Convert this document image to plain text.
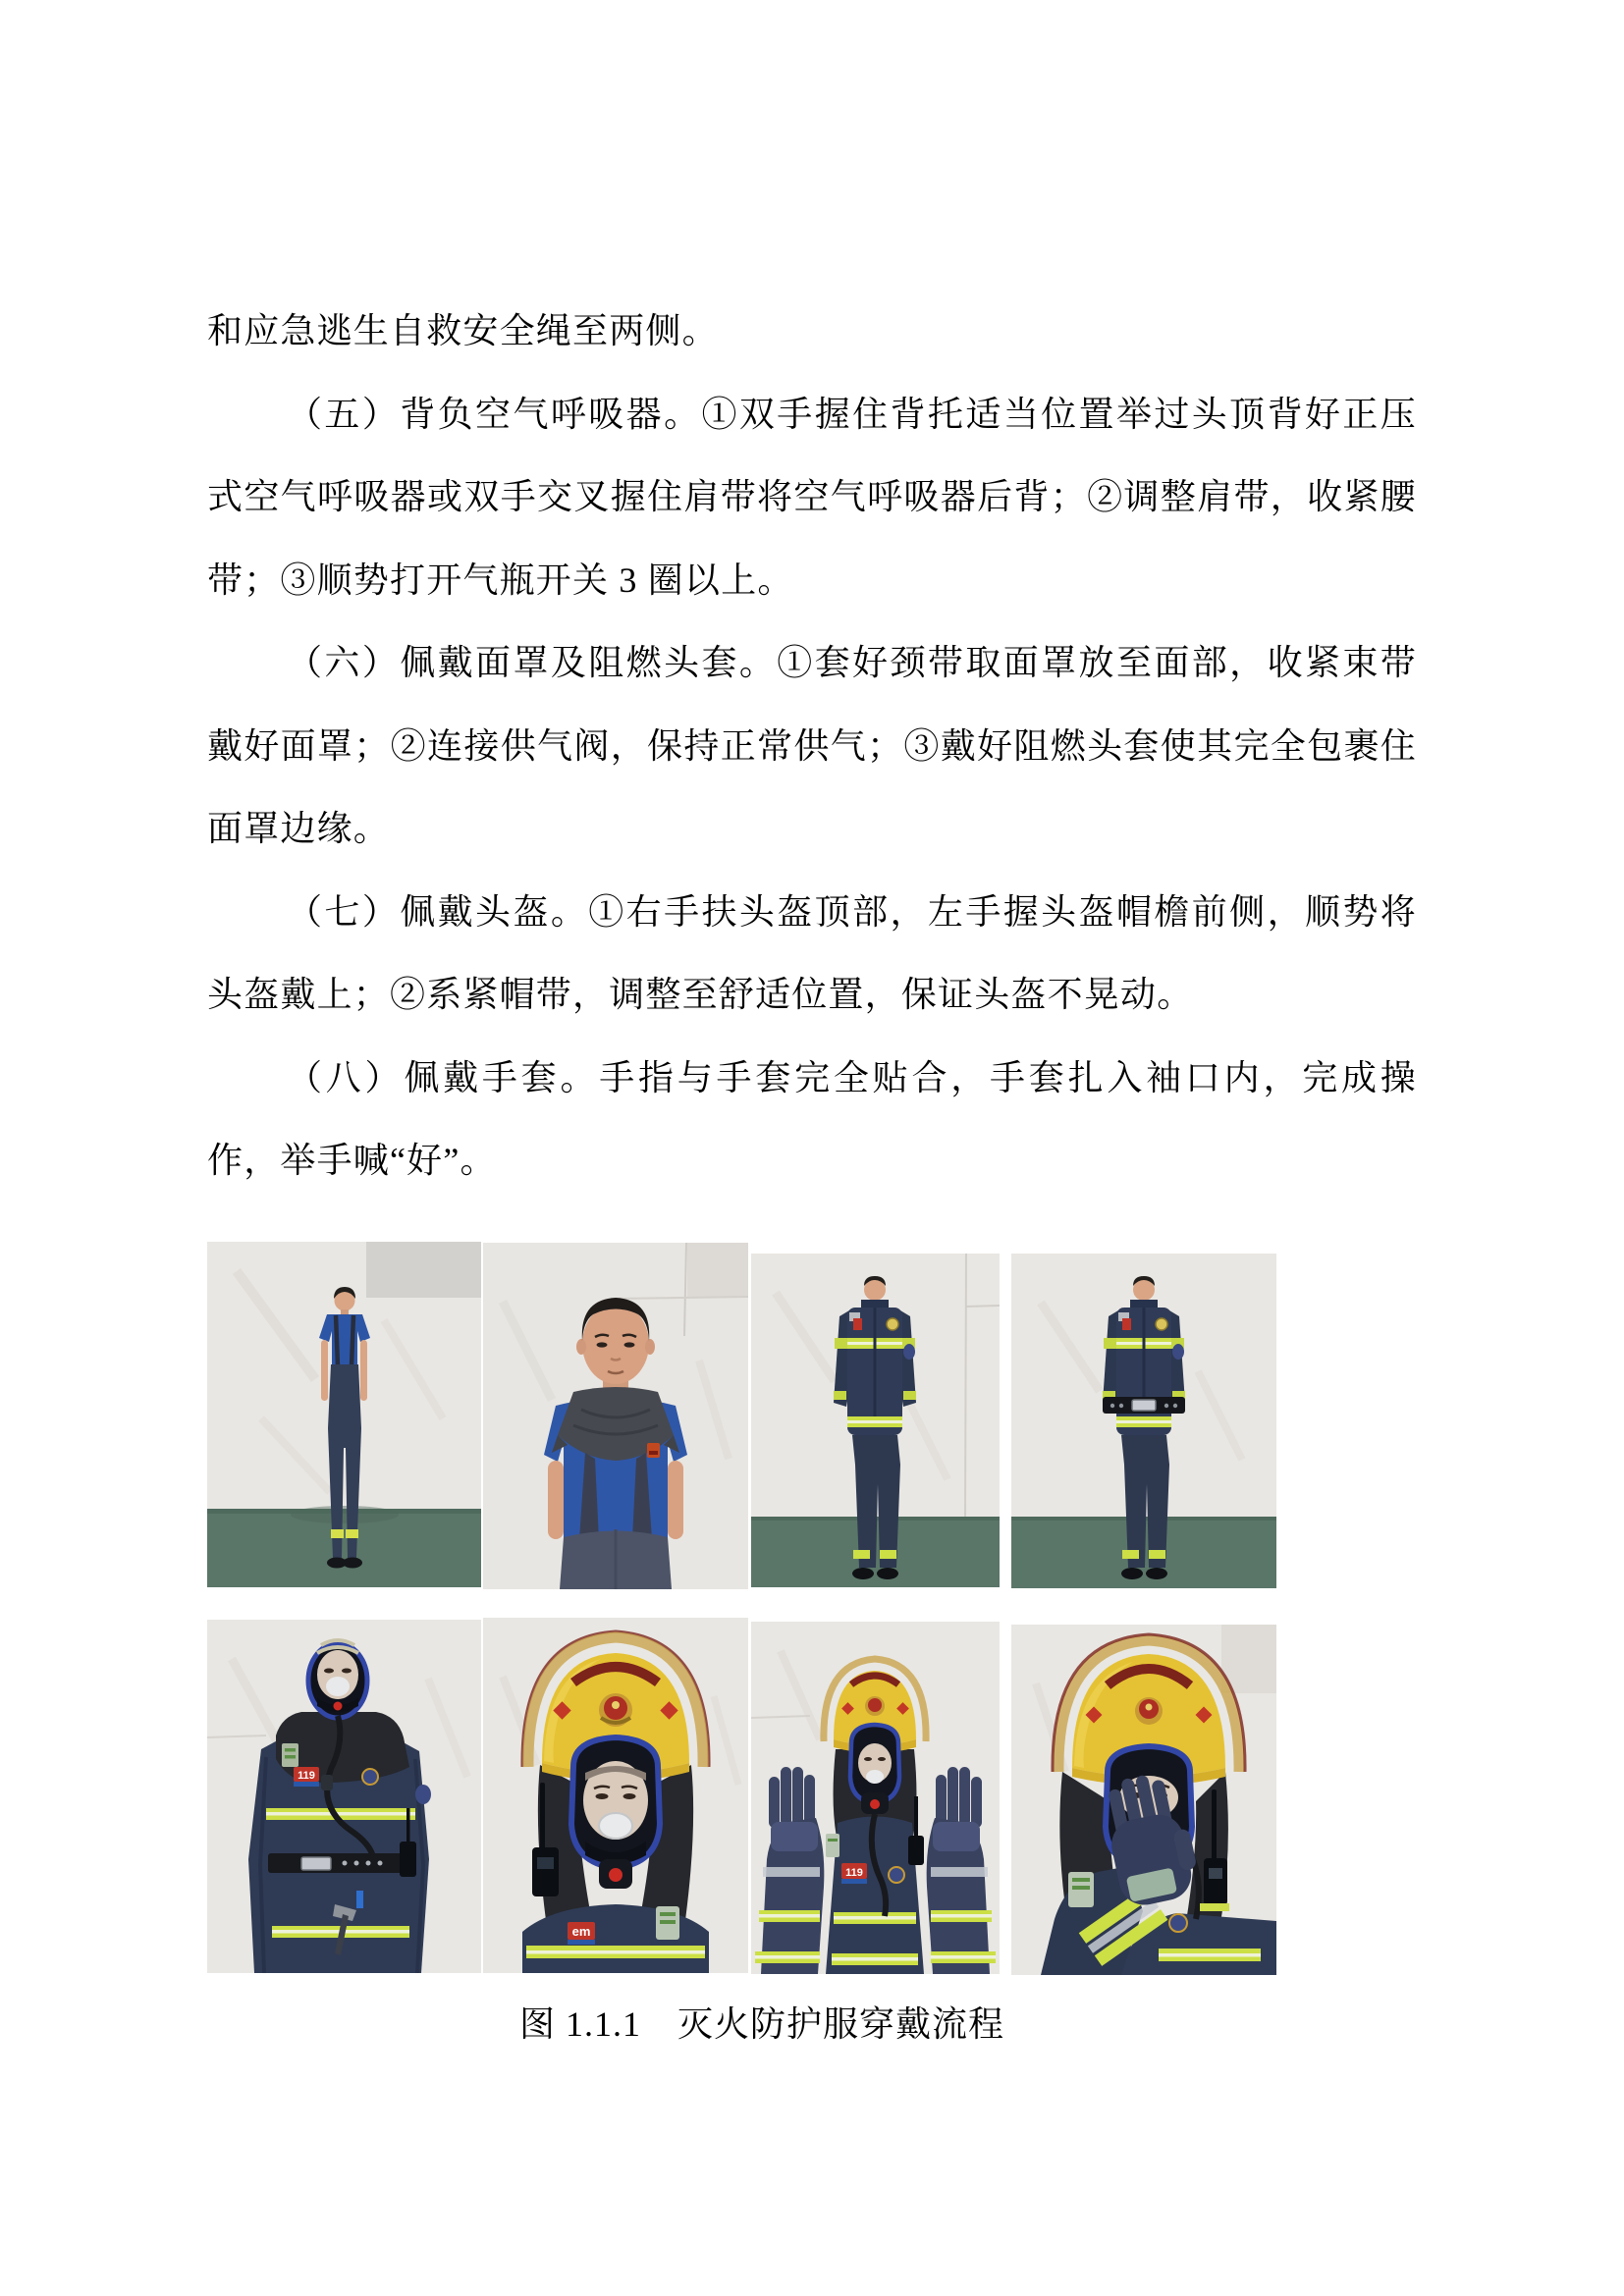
和应急逃生自救安全绳至两侧。

（五）背负空气呼吸器。①双手握住背托适当位置举过头顶背好正压式空气呼吸器或双手交叉握住肩带将空气呼吸器后背；②调整肩带，收紧腰带；③顺势打开气瓶开关 3 圈以上。

（六）佩戴面罩及阻燃头套。①套好颈带取面罩放至面部，收紧束带戴好面罩；②连接供气阀，保持正常供气；③戴好阻燃头套使其完全包裹住面罩边缘。

（七）佩戴头盔。①右手扶头盔顶部，左手握头盔帽檐前侧，顺势将头盔戴上；②系紧帽带，调整至舒适位置，保证头盔不晃动。

（八）佩戴手套。手指与手套完全贴合，手套扎入袖口内，完成操作，举手喊“好”。

119
em
119
图 1.1.1　灭火防护服穿戴流程
